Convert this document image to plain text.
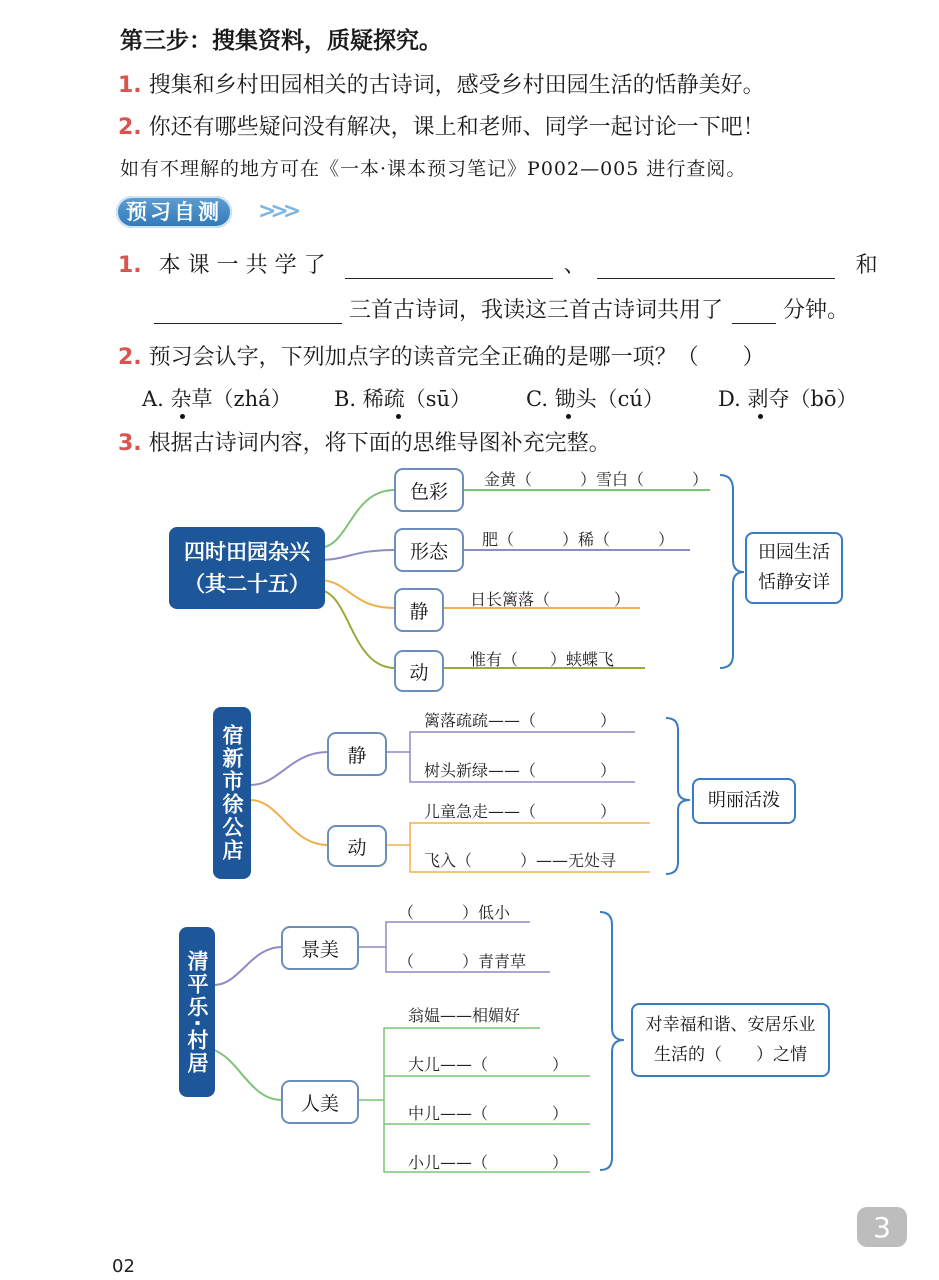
第三步：搜集资料，质疑探究。
1. 搜集和乡村田园相关的古诗词，感受乡村田园生活的恬静美好。
2. 你还有哪些疑问没有解决，课上和老师、同学一起讨论一下吧！
如有不理解的地方可在《一本·课本预习笔记》P002—005 进行查阅。
预习自测	>>>
1. 本 课 一 共 学 了	、	和
三首古诗词，我读这三首古诗词共用了	分钟。
2. 预习会认字，下列加点字的读音完全正确的是哪一项？（　　）
A. 杂草（zhá） B. 稀疏（sū）	C. 锄头（cú）	D. 剥夺（bō）
3. 根据古诗词内容，将下面的思维导图补充完整。
四时田园杂兴
（其二十五）
色彩
形态
静
动
金黄（　　　）雪白（　　　）
肥（　　　）稀（　　　）
日长篱落（　　　　）
惟有（　　）蛱蝶飞
田园生活
恬静安详
宿新市徐公店	静
动
篱落疏疏——（　　　　）
树头新绿——（　　　　）
儿童急走——（　　　　）
飞入（　　　）——无处寻
明丽活泼
清平乐·村居	景美
人美
（　　　）低小
（　　　）青青草
翁媪——相媚好
大儿——（　　　　）
中儿——（　　　　）
小儿——（　　　　）
对幸福和谐、安居乐业
生活的（　　）之情
02
3
